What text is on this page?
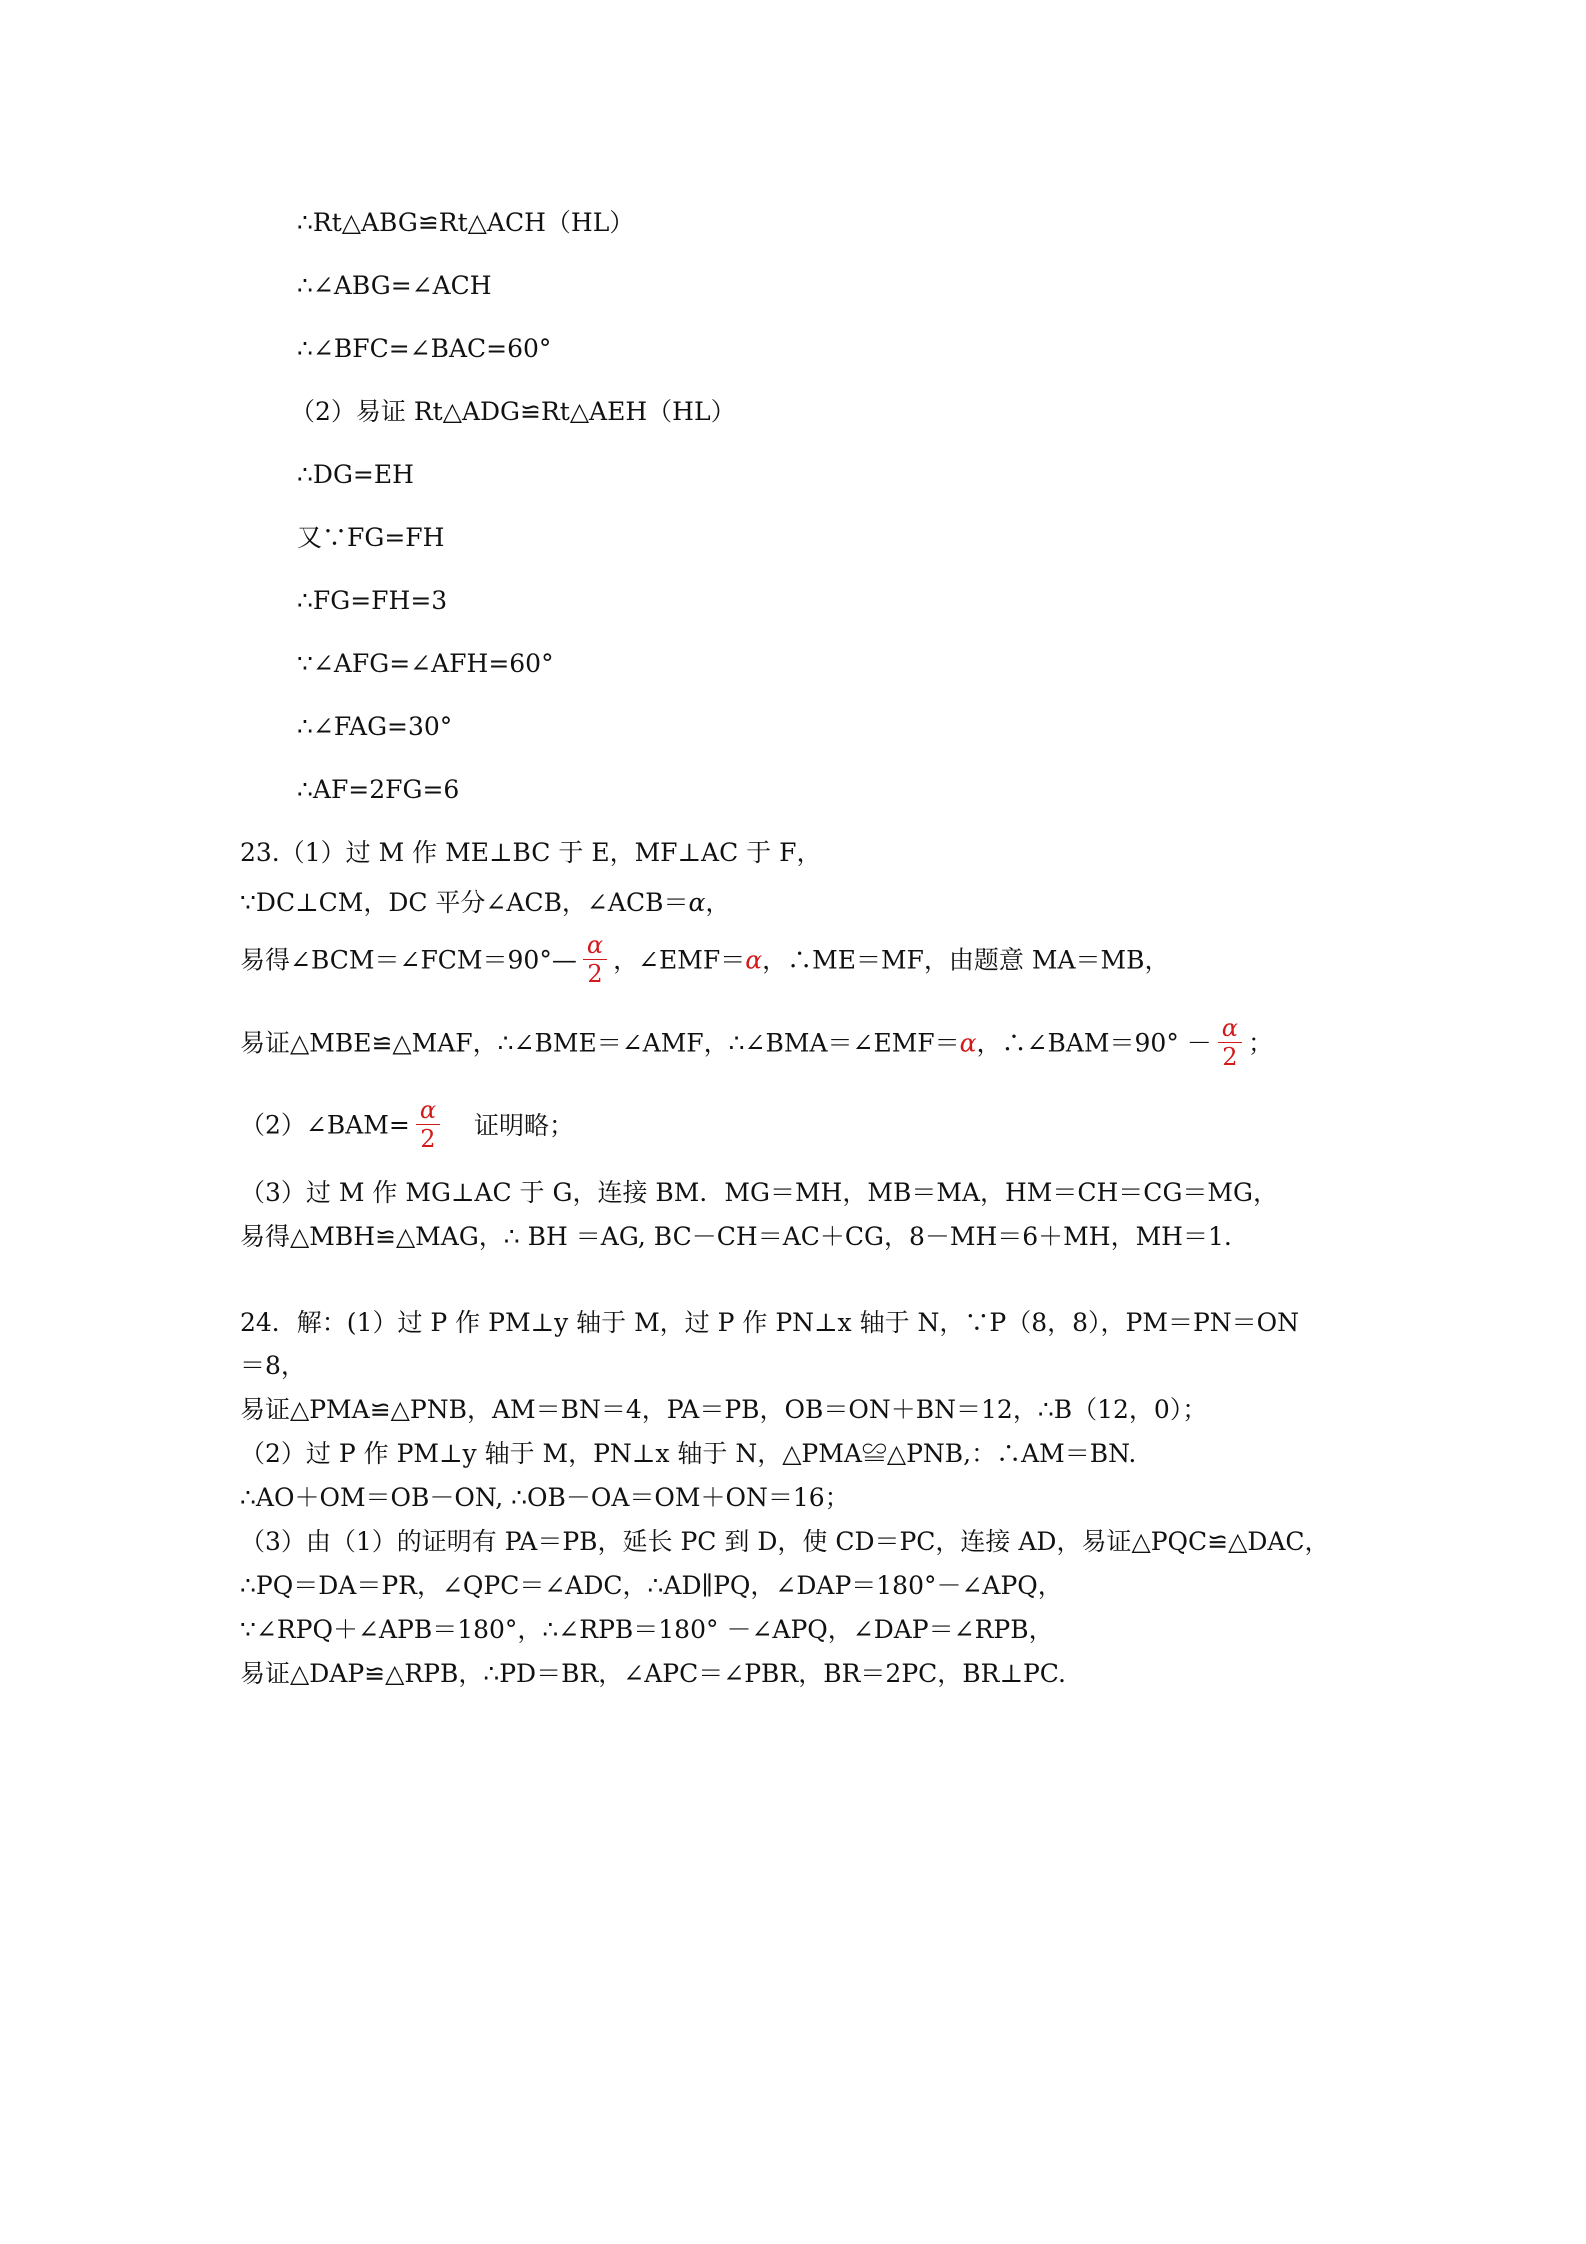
∴Rt△ABG≌Rt△ACH（HL）
∴∠ABG=∠ACH
∴∠BFC=∠BAC=60°
（2）易证 Rt△ADG≌Rt△AEH（HL）
∴DG=EH
又∵FG=FH
∴FG=FH=3
∵∠AFG=∠AFH=60°
∴∠FAG=30°
∴AF=2FG=6
23.（1）过 M 作 ME⊥BC 于 E，MF⊥AC 于 F，
∵DC⊥CM，DC 平分∠ACB，∠ACB＝α，
易得∠BCM＝∠FCM＝90°— $\frac{\alpha}{2}$ ，∠EMF＝α，∴ME＝MF，由题意 MA＝MB，
易证△MBE≌△MAF，∴∠BME＝∠AMF，∴∠BMA＝∠EMF＝α，∴∠BAM＝90° － $\frac{\alpha}{2}$ ；
（2）∠BAM= $\frac{\alpha}{2}$ 证明略；
（3）过 M 作 MG⊥AC 于 G，连接 BM．MG＝MH，MB＝MA，HM＝CH＝CG＝MG，
易得△MBH≌△MAG，∴ BH ＝AG, BC－CH＝AC＋CG，8－MH＝6＋MH，MH＝1.
24．解：(1）过 P 作 PM⊥y 轴于 M，过 P 作 PN⊥x 轴于 N，∵P（8，8），PM＝PN＝ON
＝8，
易证△PMA≌△PNB，AM＝BN＝4，PA＝PB，OB＝ON＋BN＝12，∴B（12，0）；
（2）过 P 作 PM⊥y 轴于 M，PN⊥x 轴于 N，△PMA≌△PNB,：∴AM＝BN.
∴AO＋OM＝OB－ON, ∴OB－OA＝OM＋ON＝16；
（3）由（1）的证明有 PA＝PB，延长 PC 到 D，使 CD＝PC，连接 AD，易证△PQC≌△DAC，
∴PQ＝DA＝PR，∠QPC＝∠ADC，∴AD∥PQ，∠DAP＝180°－∠APQ，
∵∠RPQ＋∠APB＝180°，∴∠RPB＝180° －∠APQ，∠DAP＝∠RPB，
易证△DAP≌△RPB，∴PD＝BR，∠APC＝∠PBR，BR＝2PC，BR⊥PC.
